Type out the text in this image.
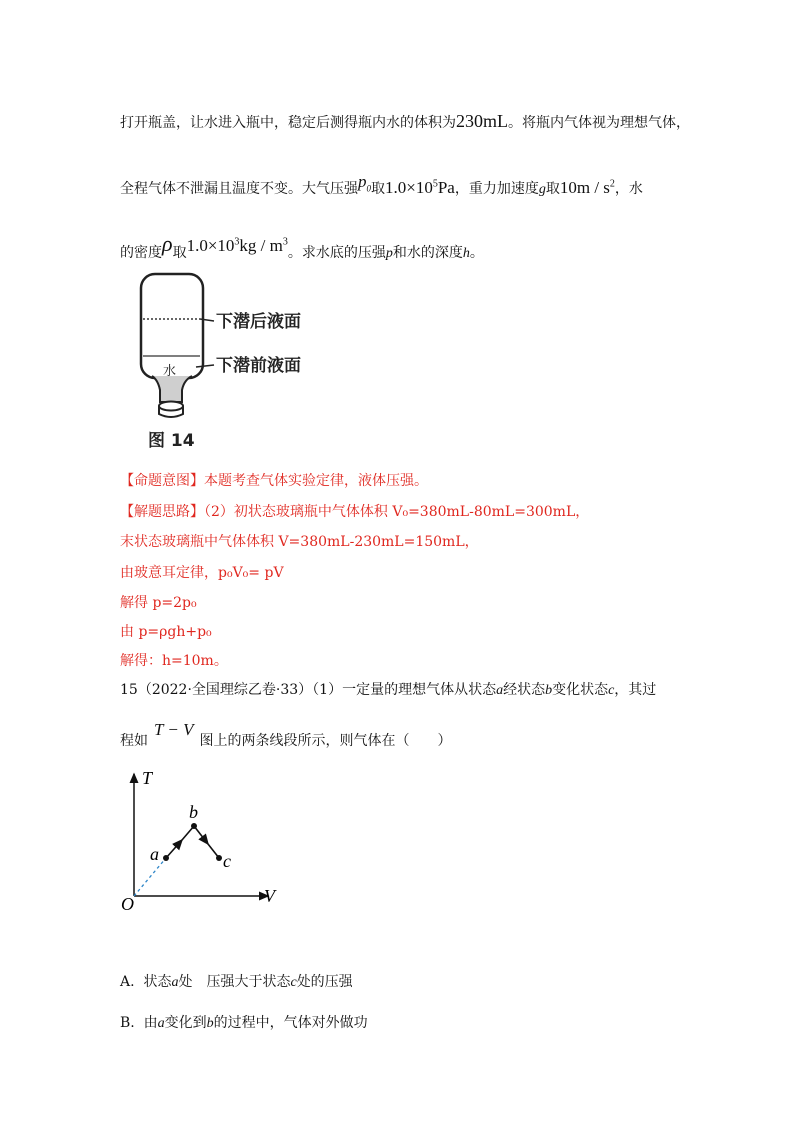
打开瓶盖，让水进入瓶中，稳定后测得瓶内水的体积为230mL。将瓶内气体视为理想气体，
全程气体不泄漏且温度不变。大气压强$p_0$取$1.0\times 10^5Pa$，重力加速度g取$10m / s^2$，水
的密度ρ取$1.0\times 10^3kg / m^3$。求水底的压强p和水的深度h。
水
下潜后液面
下潜前液面
图 14
【命题意图】本题考查气体实验定律，液体压强。
【解题思路】（2）初状态玻璃瓶中气体体积 V₀=380mL-80mL=300mL，
末状态玻璃瓶中气体体积 V=380mL-230mL=150mL，
由玻意耳定律，p₀V₀= pV
解得 p=2p₀
由 p=ρgh+p₀
解得：h=10m。
15（2022·全国理综乙卷·33）（1）一定量的理想气体从状态a经状态b变化状态c，其过
程如T − V图上的两条线段所示，则气体在（　　）
T
V
O
a
b
c
A. 状态a处　压强大于状态c处的压强
B. 由a变化到b的过程中，气体对外做功
